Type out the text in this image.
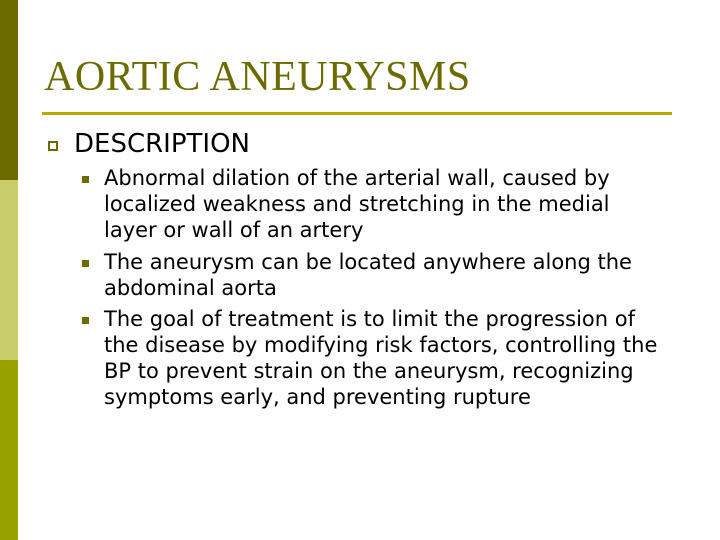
AORTIC ANEURYSMS
DESCRIPTION
Abnormal dilation of the arterial wall, caused by localized weakness and stretching in the medial layer or wall of an artery
The aneurysm can be located anywhere along the abdominal aorta
The goal of treatment is to limit the progression of the disease by modifying risk factors, controlling the BP to prevent strain on the aneurysm, recognizing symptoms early, and preventing rupture
